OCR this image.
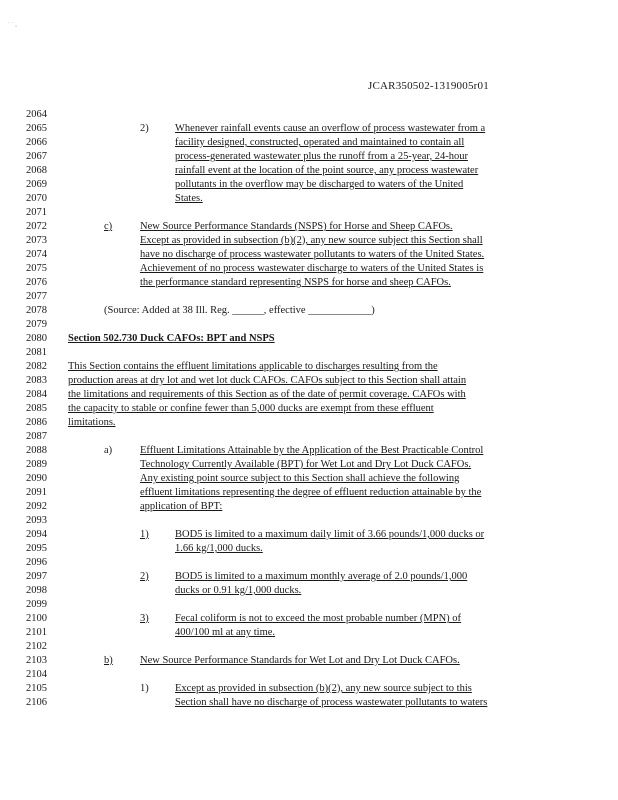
˙ ˙ ‚
JCAR350502-1319005r01
2064
2065
2066
2067
2068
2069
2070
2071
2072
2073
2074
2075
2076
2077
2078
2079
2080
2081
2082
2083
2084
2085
2086
2087
2088
2089
2090
2091
2092
2093
2094
2095
2096
2097
2098
2099
2100
2101
2102
2103
2104
2105
2106
2)	Whenever rainfall events cause an overflow of process wastewater from a
facility designed, constructed, operated and maintained to contain all
process-generated wastewater plus the runoff from a 25-year, 24-hour
rainfall event at the location of the point source, any process wastewater
pollutants in the overflow may be discharged to waters of the United
States.
c)	New Source Performance Standards (NSPS) for Horse and Sheep CAFOs.
Except as provided in subsection (b)(2), any new source subject this Section shall
have no discharge of process wastewater pollutants to waters of the United States.
Achievement of no process wastewater discharge to waters of the United States is
the performance standard representing NSPS for horse and sheep CAFOs.
(Source: Added at 38 Ill. Reg. ______, effective ____________)
Section 502.730 Duck CAFOs: BPT and NSPS
This Section contains the effluent limitations applicable to discharges resulting from the
production areas at dry lot and wet lot duck CAFOs. CAFOs subject to this Section shall attain
the limitations and requirements of this Section as of the date of permit coverage. CAFOs with
the capacity to stable or confine fewer than 5,000 ducks are exempt from these effluent
limitations.
a)	Effluent Limitations Attainable by the Application of the Best Practicable Control
Technology Currently Available (BPT) for Wet Lot and Dry Lot Duck CAFOs.
Any existing point source subject to this Section shall achieve the following
effluent limitations representing the degree of effluent reduction attainable by the
application of BPT:
1)	BOD5 is limited to a maximum daily limit of 3.66 pounds/1,000 ducks or
1.66 kg/1,000 ducks.
2)	BOD5 is limited to a maximum monthly average of 2.0 pounds/1,000
ducks or 0.91 kg/1,000 ducks.
3)	Fecal coliform is not to exceed the most probable number (MPN) of
400/100 ml at any time.
b)	New Source Performance Standards for Wet Lot and Dry Lot Duck CAFOs.
1)	Except as provided in subsection (b)(2), any new source subject to this
Section shall have no discharge of process wastewater pollutants to waters
